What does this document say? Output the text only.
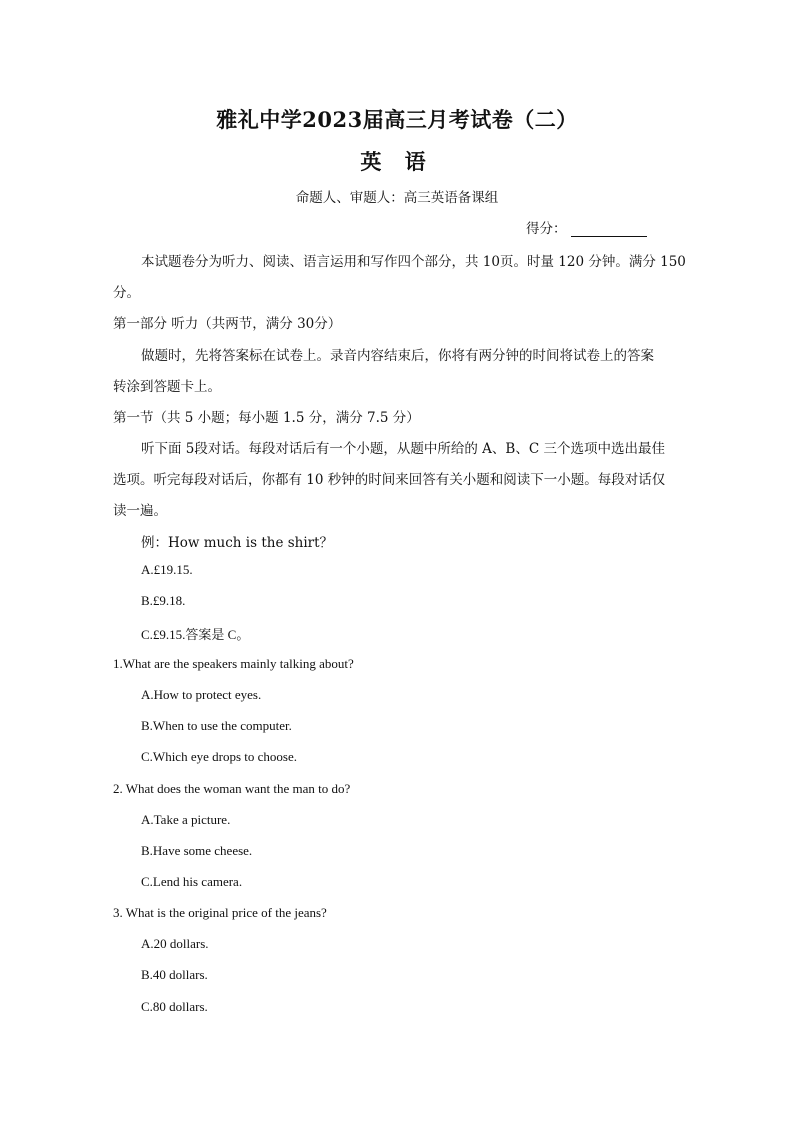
雅礼中学2023届高三月考试卷（二）
英 语
命题人、审题人：高三英语备课组
得分：
本试题卷分为听力、阅读、语言运用和写作四个部分，共 10页。时量 120 分钟。满分 150
分。
第一部分 听力（共两节，满分 30分）
做题时，先将答案标在试卷上。录音内容结束后，你将有两分钟的时间将试卷上的答案
转涂到答题卡上。
第一节（共 5 小题；每小题 1.5 分，满分 7.5 分）
听下面 5段对话。每段对话后有一个小题，从题中所给的 A、B、C 三个选项中选出最佳
选项。听完每段对话后，你都有 10 秒钟的时间来回答有关小题和阅读下一小题。每段对话仅
读一遍。
例：How much is the shirt？
A.£19.15.
B.£9.18.
C.£9.15.答案是 C。
1.What are the speakers mainly talking about?
A.How to protect eyes.
B.When to use the computer.
C.Which eye drops to choose.
2. What does the woman want the man to do?
A.Take a picture.
B.Have some cheese.
C.Lend his camera.
3. What is the original price of the jeans?
A.20 dollars.
B.40 dollars.
C.80 dollars.
